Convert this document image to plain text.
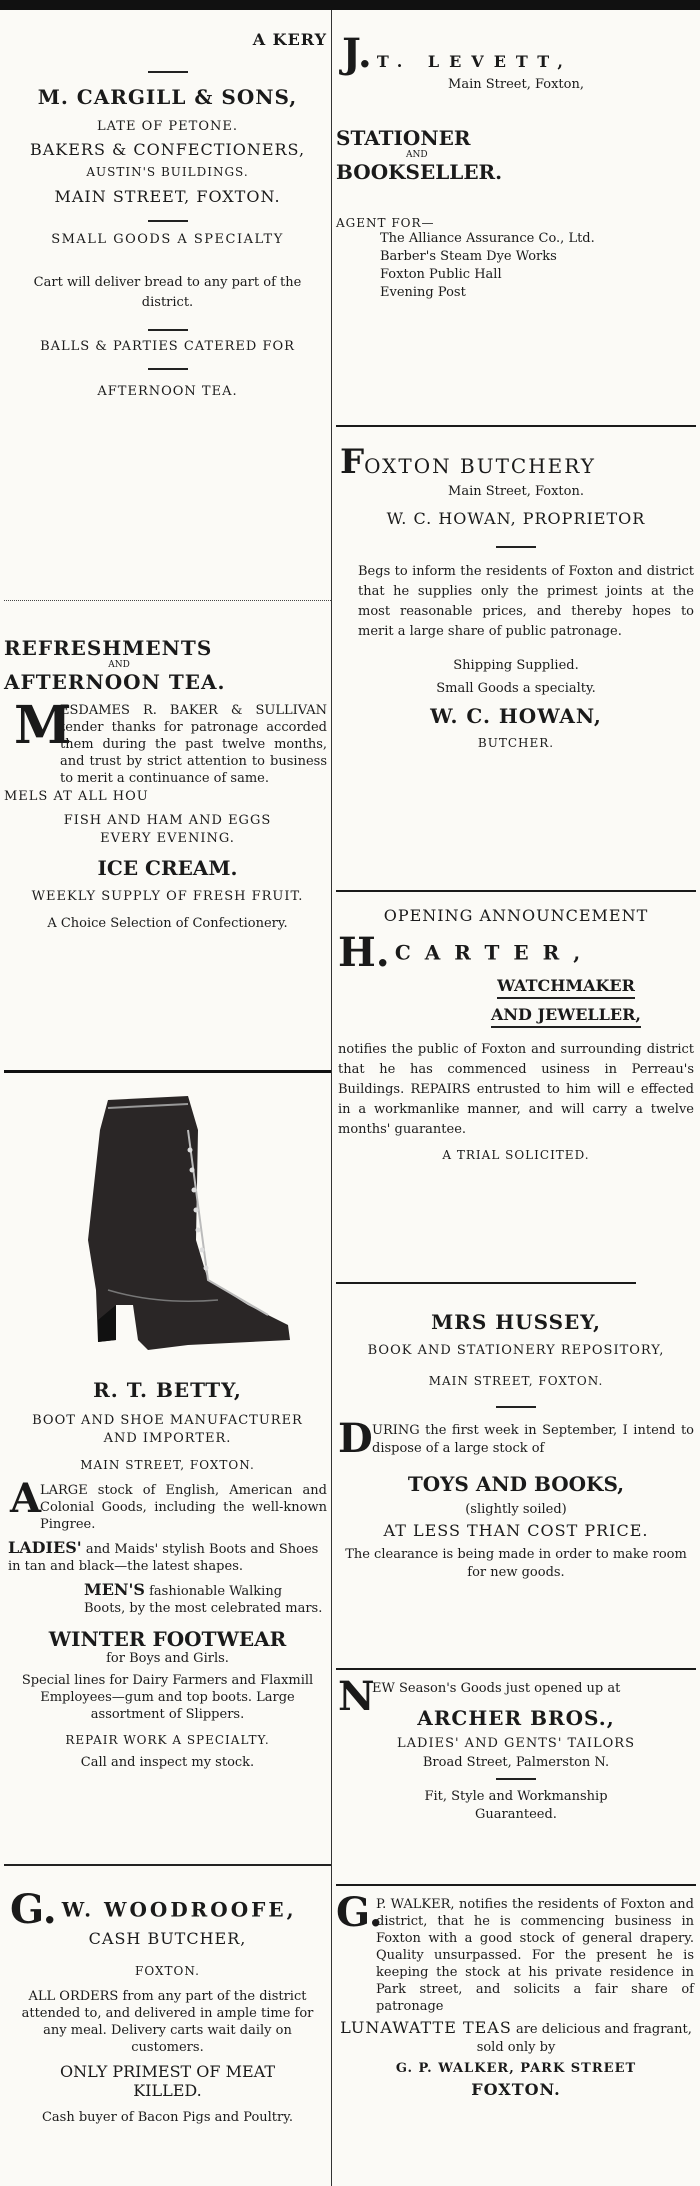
A KERY
M. CARGILL & SONS,
LATE OF PETONE.
BAKERS & CONFECTIONERS,
AUSTIN'S BUILDINGS.
MAIN STREET, FOXTON.
SMALL GOODS A SPECIALTY
Cart will deliver bread to any part of the district.
BALLS & PARTIES CATERED FOR
AFTERNOON TEA.
REFRESHMENTS
AND
AFTERNOON TEA.
M

ESDAMES R. BAKER & SULLIVAN tender thanks for patronage accorded them during the past twelve months, and trust by strict attention to business to merit a continuance of same.

MELS AT ALL HOU
FISH AND HAM AND EGGS EVERY EVENING.
ICE CREAM.
WEEKLY SUPPLY OF FRESH FRUIT.
A Choice Selection of Confectionery.
R. T. BETTY,
BOOT AND SHOE MANUFACTURER AND IMPORTER.
MAIN STREET, FOXTON.
A

LARGE stock of English, American and Colonial Goods, including the well-known Pingree.

LADIES' and Maids' stylish Boots and Shoes in tan and black—the latest shapes.
MEN'S fashionable Walking Boots, by the most celebrated mars.
WINTER FOOTWEAR
for Boys and Girls.
Special lines for Dairy Farmers and Flaxmill Employees—gum and top boots. Large assortment of Slippers.
REPAIR WORK A SPECIALTY.
Call and inspect my stock.
G. W. WOODROOFE,
CASH BUTCHER,
FOXTON.
ALL ORDERS from any part of the district attended to, and delivered in ample time for any meal. Delivery carts wait daily on customers.
ONLY PRIMEST OF MEAT KILLED.
Cash buyer of Bacon Pigs and Poultry.
J. T. LEVETT,
Main Street, Foxton,
STATIONER
AND
BOOKSELLER.
AGENT FOR—
The Alliance Assurance Co., Ltd.
Barber's Steam Dye Works
Foxton Public Hall
Evening Post
FOXTON BUTCHERY
Main Street, Foxton.
W. C. HOWAN, PROPRIETOR
Begs to inform the residents of Foxton and district that he supplies only the primest joints at the most reasonable prices, and thereby hopes to merit a large share of public patronage.
Shipping Supplied.
Small Goods a specialty.
W. C. HOWAN,
BUTCHER.
OPENING ANNOUNCEMENT
H. CARTER,
WATCHMAKER
AND JEWELLER,
notifies the public of Foxton and surrounding district that he has commenced usiness in Perreau's Buildings. REPAIRS entrusted to him will e effected in a workmanlike manner, and will carry a twelve months' guarantee.
A TRIAL SOLICITED.
MRS HUSSEY,
BOOK AND STATIONERY REPOSITORY,
MAIN STREET, FOXTON.
D URING the first week in September, I intend to dispose of a large stock of

TOYS AND BOOKS,
(slightly soiled)
AT LESS THAN COST PRICE.
The clearance is being made in order to make room for new goods.
N

EW Season's Goods just opened up at

ARCHER BROS.,
LADIES' AND GENTS' TAILORS
Broad Street, Palmerston N.
Fit, Style and Workmanship Guaranteed.
G.

P. WALKER, notifies the residents of Foxton and district, that he is commencing business in Foxton with a good stock of general drapery. Quality unsurpassed. For the present he is keeping the stock at his private residence in Park street, and solicits a fair share of patronage

LUNAWATTE TEAS are delicious and fragrant, sold only by
G. P. WALKER, PARK STREET
FOXTON.
